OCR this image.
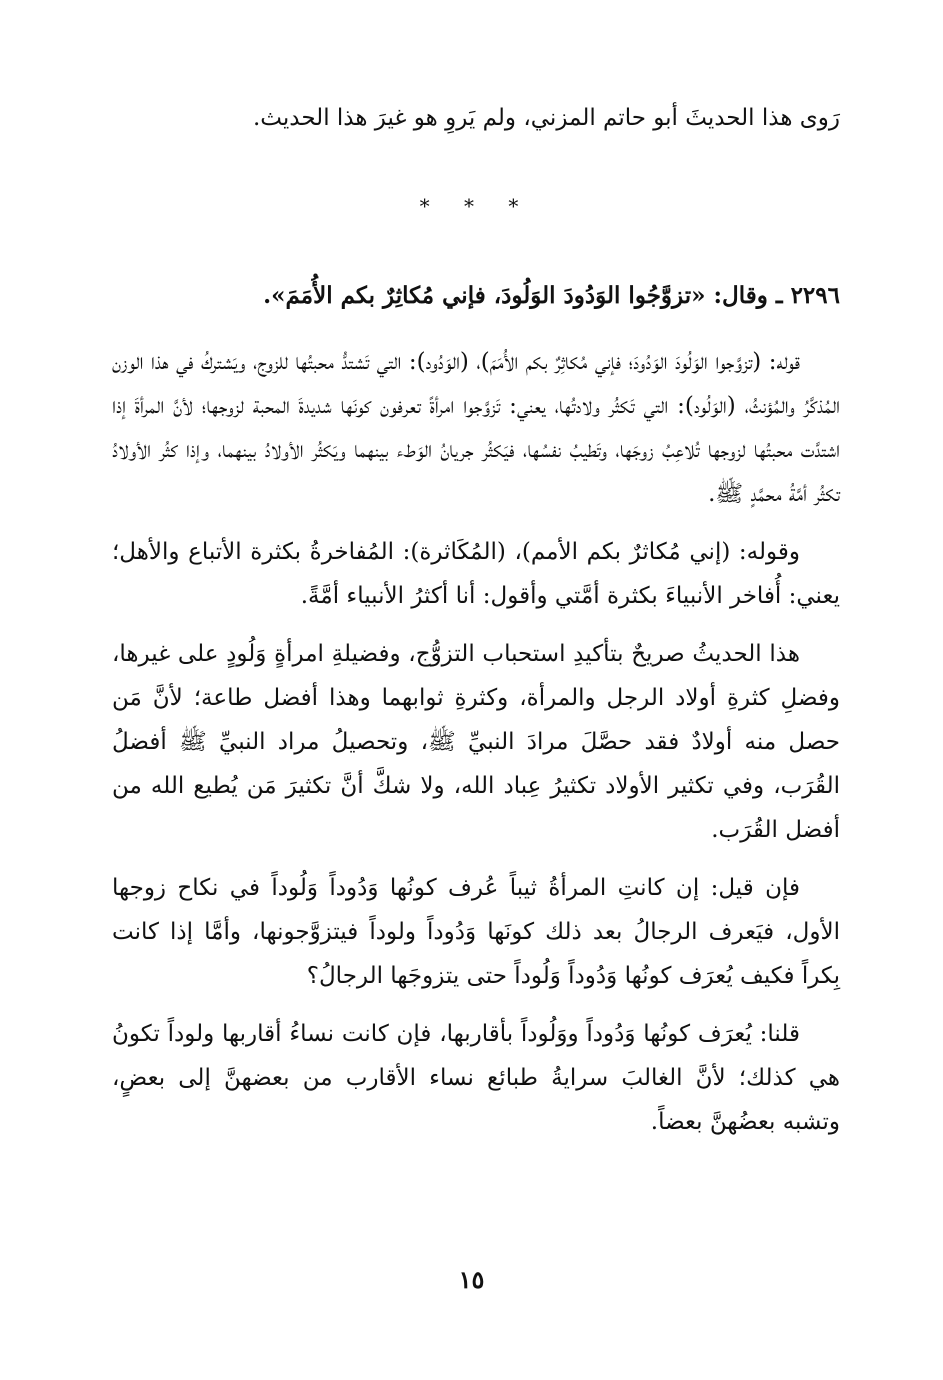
رَوى هذا الحديثَ أبو حاتم المزني، ولم يَروِ هو غيرَ هذا الحديث.

* * *

٢٢٩٦ ـ وقال: «تزوَّجُوا الوَدُودَ الوَلُودَ، فإني مُكاثِرٌ بكم الأُمَمَ».

قوله: (تزوَّجوا الوَلُودَ الوَدُودَ؛ فإني مُكاثِرٌ بكم الأُمَمَ)، (الوَدُود): التي تَشتدُّ محبتُها للزوج، ويَشتركُ في هذا الوزن المُذكَّرُ والمُؤنثُ، (الوَلُود): التي تَكثُر ولادتُها، يعني: تَزوَّجوا امرأةً تعرفون كونَها شديدةَ المحبة لزوجها؛ لأنَّ المرأةَ إذا اشتدَّت محبتُها لزوجها تُلاعِبُ زوجَها، وتَطيبُ نفسُها، فيَكثُر جريانُ الوَطء بينهما ويَكثُر الأولادُ بينهما، وإذا كثُر الأولادُ تكثُر أمَّةُ محمَّدٍ ﷺ.

وقوله: (إني مُكاثرٌ بكم الأمم)، (المُكَاثرة): المُفاخرةُ بكثرة الأتباع والأهل؛ يعني: أُفاخر الأنبياءَ بكثرة أمَّتي وأقول: أنا أكثرُ الأنبياء أمَّةً.

هذا الحديثُ صريحٌ بتأكيدِ استحباب التزوُّج، وفضيلةِ امرأةٍ وَلُودٍ على غيرها، وفضلِ كثرةِ أولاد الرجل والمرأة، وكثرةِ ثوابهما وهذا أفضل طاعة؛ لأنَّ مَن حصل منه أولادٌ فقد حصَّلَ مرادَ النبيِّ ﷺ، وتحصيلُ مراد النبيِّ ﷺ أفضلُ القُرَب، وفي تكثير الأولاد تكثيرُ عِباد الله، ولا شكَّ أنَّ تكثيرَ مَن يُطيع الله من أفضل القُرَب.

فإن قيل: إن كانتِ المرأةُ ثيباً عُرف كونُها وَدُوداً وَلُوداً في نكاح زوجها الأول، فيَعرف الرجالُ بعد ذلك كونَها وَدُوداً ولوداً فيتزوَّجونها، وأمَّا إذا كانت بِكراً فكيف يُعرَف كونُها وَدُوداً وَلُوداً حتى يتزوجَها الرجالُ؟

قلنا: يُعرَف كونُها وَدُوداً ووَلُوداً بأقاربها، فإن كانت نساءُ أقاربها ولوداً تكونُ هي كذلك؛ لأنَّ الغالبَ سرايةُ طبائع نساء الأقارب من بعضهنَّ إلى بعضٍ، وتشبه بعضُهنَّ بعضاً.

١٥
